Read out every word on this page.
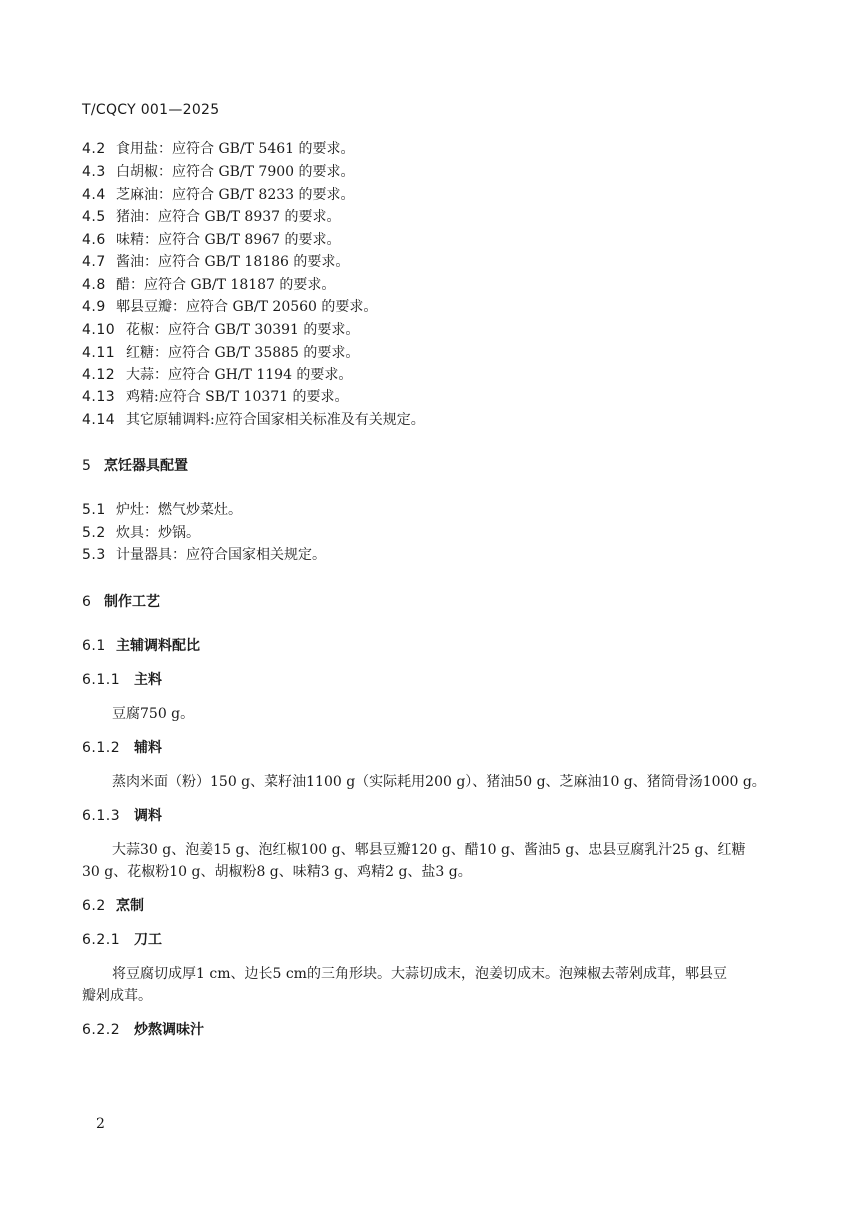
T/CQCY 001—2025
4.2 食用盐：应符合 GB/T 5461 的要求。
4.3 白胡椒：应符合 GB/T 7900 的要求。
4.4 芝麻油：应符合 GB/T 8233 的要求。
4.5 猪油：应符合 GB/T 8937 的要求。
4.6 味精：应符合 GB/T 8967 的要求。
4.7 酱油：应符合 GB/T 18186 的要求。
4.8 醋：应符合 GB/T 18187 的要求。
4.9 郫县豆瓣：应符合 GB/T 20560 的要求。
4.10 花椒：应符合 GB/T 30391 的要求。
4.11 红糖：应符合 GB/T 35885 的要求。
4.12 大蒜：应符合 GH/T 1194 的要求。
4.13 鸡精:应符合 SB/T 10371 的要求。
4.14 其它原辅调料:应符合国家相关标准及有关规定。
5 烹饪器具配置
5.1 炉灶：燃气炒菜灶。
5.2 炊具：炒锅。
5.3 计量器具：应符合国家相关规定。
6 制作工艺
6.1 主辅调料配比
6.1.1 主料
豆腐750 g。
6.1.2 辅料
蒸肉米面（粉）150 g、菜籽油1100 g（实际耗用200 g）、猪油50 g、芝麻油10 g、猪筒骨汤1000 g。
6.1.3 调料
大蒜30 g、泡姜15 g、泡红椒100 g、郫县豆瓣120 g、醋10 g、酱油5 g、忠县豆腐乳汁25 g、红糖
30 g、花椒粉10 g、胡椒粉8 g、味精3 g、鸡精2 g、盐3 g。
6.2 烹制
6.2.1 刀工
将豆腐切成厚1 cm、边长5 cm的三角形块。大蒜切成末，泡姜切成末。泡辣椒去蒂剁成茸，郫县豆
瓣剁成茸。
6.2.2 炒熬调味汁
2
